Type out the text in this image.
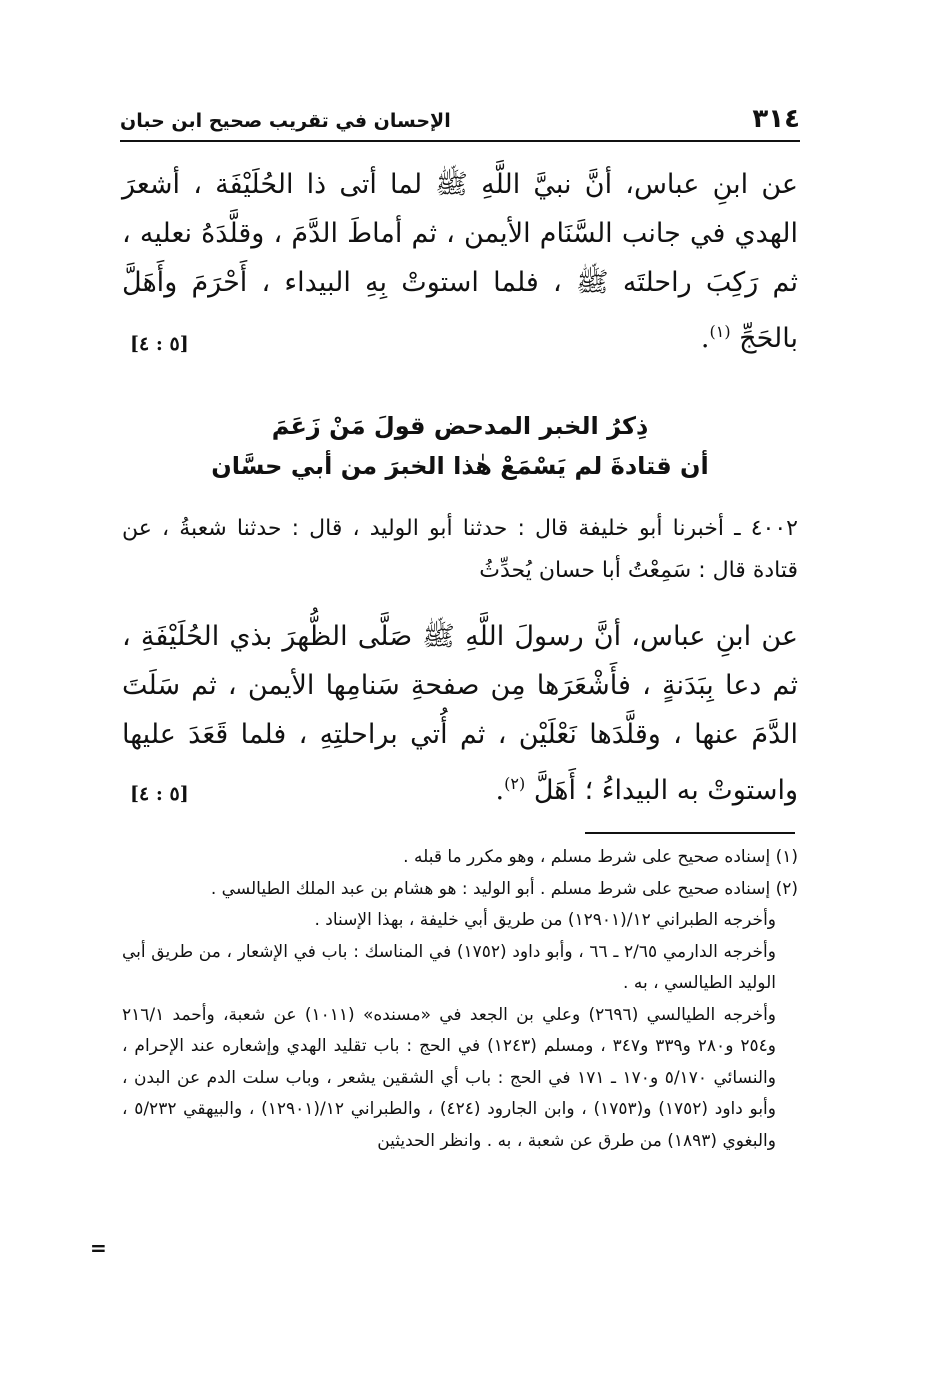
٣١٤
الإحسان في تقريب صحيح ابن حبان
عن ابنِ عباس، أنَّ نبيَّ اللَّهِ ﷺ لما أتى ذا الحُلَيْفَة ، أشعرَ الهدي في جانب السَّنَام الأيمن ، ثم أماطَ الدَّمَ ، وقلَّدَهُ نعليه ، ثم رَكِبَ راحلتَه ﷺ ، فلما استوتْ بِهِ البيداء ، أَحْرَمَ وأَهَلَّ بالحَجِّ $^{(١)}$.
[٥ : ٤]
ذِكرُ الخبر المدحض قولَ مَنْ زَعَمَ
أن قتادةَ لم يَسْمَعْ هٰذا الخبرَ من أبي حسَّان
٤٠٠٢ ـ أخبرنا أبو خليفة قال : حدثنا أبو الوليد ، قال : حدثنا شعبةُ ، عن قتادة قال : سَمِعْتُ أبا حسان يُحدِّثُ
عن ابنِ عباس، أنَّ رسولَ اللَّهِ ﷺ صَلَّى الظُّهرَ بذي الحُلَيْفَةِ ، ثم دعا بِبَدَنةٍ ، فأَشْعَرَها مِن صفحةِ سَنامِها الأيمن ، ثم سَلَتَ الدَّمَ عنها ، وقلَّدَها نَعْلَيْن ، ثم أُتي براحلتِهِ ، فلما قَعَدَ عليها واستوتْ به البيداءُ ؛ أَهَلَّ $^{(٢)}$.
[٥ : ٤]

(١) إسناده صحيح على شرط مسلم ، وهو مكرر ما قبله .

(٢) إسناده صحيح على شرط مسلم . أبو الوليد : هو هشام بن عبد الملك الطيالسي .

وأخرجه الطبراني ١٢/(١٢٩٠١) من طريق أبي خليفة ، بهذا الإسناد .

وأخرجه الدارمي ٢/٦٥ ـ ٦٦ ، وأبو داود (١٧٥٢) في المناسك : باب في الإشعار ، من طريق أبي الوليد الطيالسي ، به .

وأخرجه الطيالسي (٢٦٩٦) وعلي بن الجعد في «مسنده» (١٠١١) عن شعبة، وأحمد ٢١٦/١ و٢٥٤ و٢٨٠ و٣٣٩ و٣٤٧ ، ومسلم (١٢٤٣) في الحج : باب تقليد الهدي وإشعاره عند الإحرام ، والنسائي ٥/١٧٠ و١٧٠ ـ ١٧١ في الحج : باب أي الشقين يشعر ، وباب سلت الدم عن البدن ، وأبو داود (١٧٥٢) و(١٧٥٣) ، وابن الجارود (٤٢٤) ، والطبراني ١٢/(١٢٩٠١) ، والبيهقي ٥/٢٣٢ ، والبغوي (١٨٩٣) من طرق عن شعبة ، به . وانظر الحديثين

=
